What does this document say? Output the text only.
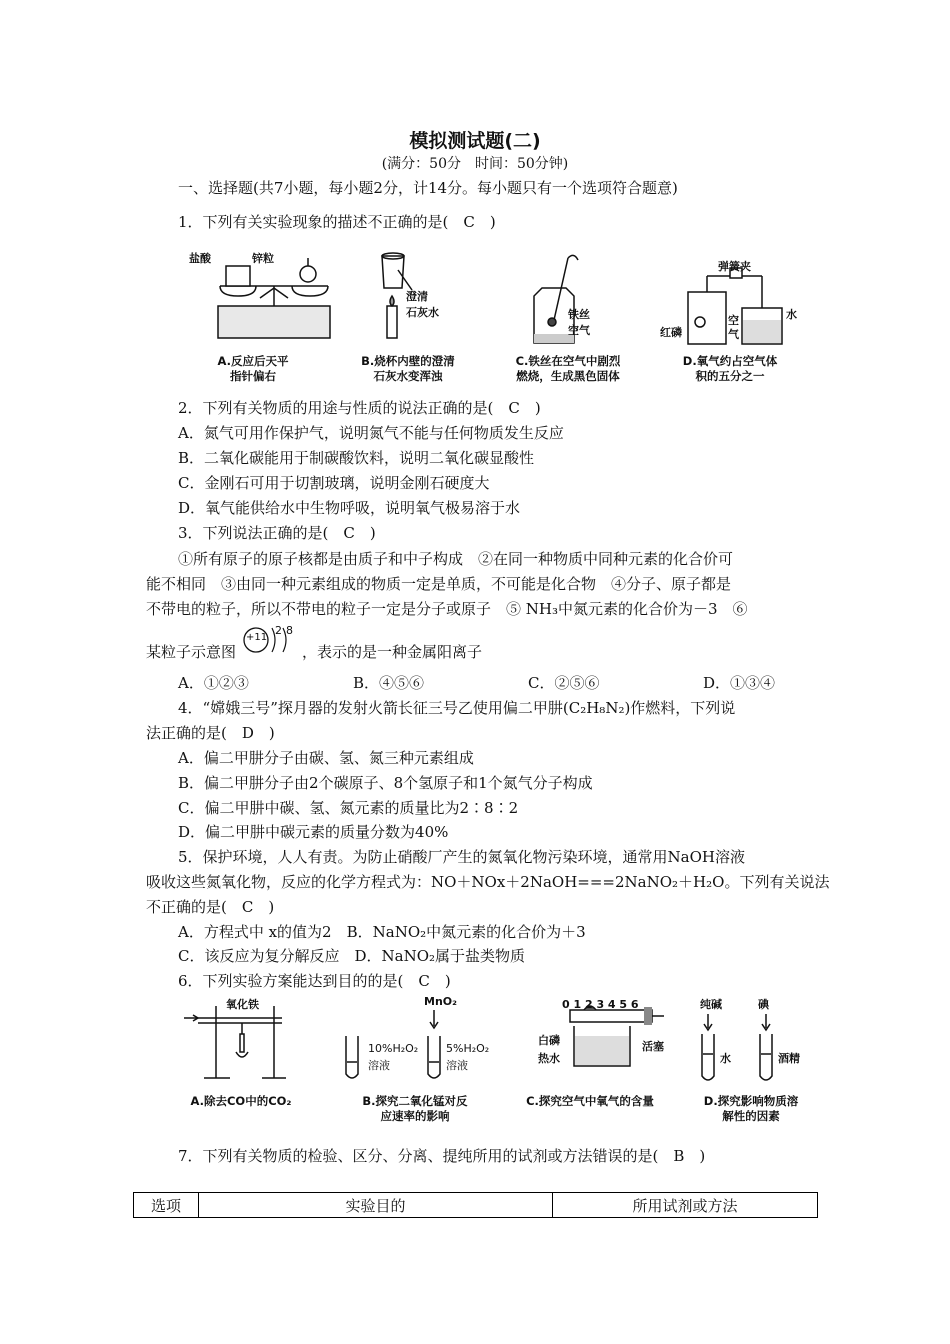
模拟测试题(二)
(满分：50分　时间：50分钟)
一、选择题(共7小题，每小题2分，计14分。每小题只有一个选项符合题意)
1．下列有关实验现象的描述不正确的是(　C　)
盐酸	锌粒
澄清
石灰水	铁丝
空气
弹簧夹
空
气
水
红磷
A.反应后天平
指针偏右
B.烧杯内壁的澄清
石灰水变浑浊
C.铁丝在空气中剧烈
燃烧，生成黑色固体
D.氧气约占空气体
积的五分之一
2．下列有关物质的用途与性质的说法正确的是(　C　)
A．氮气可用作保护气，说明氮气不能与任何物质发生反应
B．二氧化碳能用于制碳酸饮料，说明二氧化碳显酸性
C．金刚石可用于切割玻璃，说明金刚石硬度大
D．氧气能供给水中生物呼吸，说明氧气极易溶于水
3．下列说法正确的是(　C　)
①所有原子的原子核都是由质子和中子构成　②在同一种物质中同种元素的化合价可
能不相同　③由同一种元素组成的物质一定是单质，不可能是化合物　④分子、原子都是
不带电的粒子，所以不带电的粒子一定是分子或原子　⑤ NH₃中氮元素的化合价为－3　⑥
某粒子示意图
+11
2 8
，表示的是一种金属阳离子
A．①②③	B．④⑤⑥	C．②⑤⑥	D．①③④
4．“嫦娥三号”探月器的发射火箭长征三号乙使用偏二甲肼(C₂H₈N₂)作燃料，下列说
法正确的是(　D　)
A．偏二甲肼分子由碳、氢、氮三种元素组成
B．偏二甲肼分子由2个碳原子、8个氢原子和1个氮气分子构成
C．偏二甲肼中碳、氢、氮元素的质量比为2∶8∶2
D．偏二甲肼中碳元素的质量分数为40%
5．保护环境，人人有责。为防止硝酸厂产生的氮氧化物污染环境，通常用NaOH溶液
吸收这些氮氧化物，反应的化学方程式为：NO＋NOx＋2NaOH===2NaNO₂＋H₂O。下列有关说法
不正确的是(　C　)
A．方程式中 x的值为2　B．NaNO₂中氮元素的化合价为＋3
C．该反应为复分解反应　D．NaNO₂属于盐类物质
6．下列实验方案能达到目的的是(　C　)
氧化铁	MnO₂
10%H₂O₂
溶液
5%H₂O₂
溶液
0 1 2 3 4 5 6
白磷
热水
活塞
纯碱	碘
水	酒精
A.除去CO中的CO₂	B.探究二氧化锰对反
应速率的影响
C.探究空气中氧气的含量	D.探究影响物质溶
解性的因素
7．下列有关物质的检验、区分、分离、提纯所用的试剂或方法错误的是(　B　)
选项	实验目的	所用试剂或方法
